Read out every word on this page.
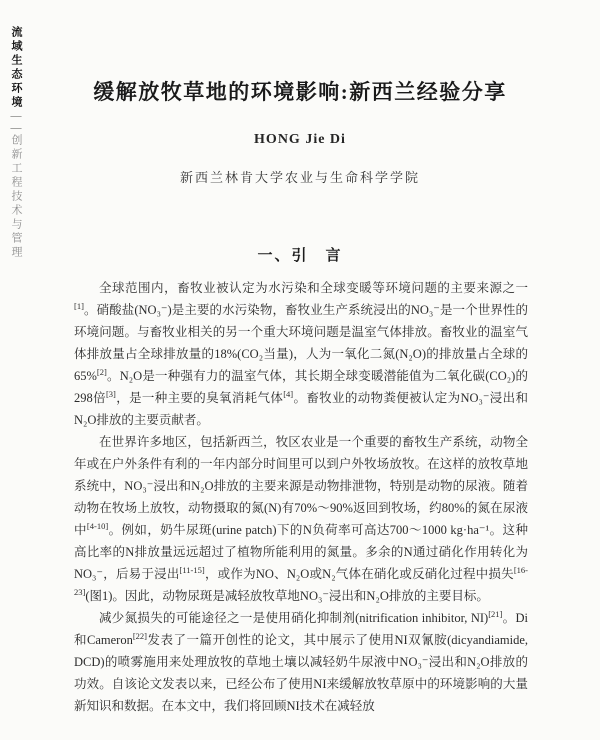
流域生态环境——创新工程技术与管理
缓解放牧草地的环境影响:新西兰经验分享
HONG Jie Di
新西兰林肯大学农业与生命科学学院
一、引　言

全球范围内，畜牧业被认定为水污染和全球变暖等环境问题的主要来源之一[1]。硝酸盐(NO₃⁻)是主要的水污染物，畜牧业生产系统浸出的NO₃⁻是一个世界性的环境问题。与畜牧业相关的另一个重大环境问题是温室气体排放。畜牧业的温室气体排放量占全球排放量的18%(CO₂当量)，人为一氧化二氮(N₂O)的排放量占全球的65%[2]。N₂O是一种强有力的温室气体，其长期全球变暖潜能值为二氧化碳(CO₂)的298倍[3]，是一种主要的臭氧消耗气体[4]。畜牧业的动物粪便被认定为NO₃⁻浸出和N₂O排放的主要贡献者。

在世界许多地区，包括新西兰，牧区农业是一个重要的畜牧生产系统，动物全年或在户外条件有利的一年内部分时间里可以到户外牧场放牧。在这样的放牧草地系统中，NO₃⁻浸出和N₂O排放的主要来源是动物排泄物，特别是动物的尿液。随着动物在牧场上放牧，动物摄取的氮(N)有70%～90%返回到牧场，约80%的氮在尿液中[4-10]。例如，奶牛尿斑(urine patch)下的N负荷率可高达700～1000 kg·ha⁻¹。这种高比率的N排放量远远超过了植物所能利用的氮量。多余的N通过硝化作用转化为NO₃⁻，后易于浸出[11-15]，或作为NO、N₂O或N₂气体在硝化或反硝化过程中损失[16-23](图1)。因此，动物尿斑是减轻放牧草地NO₃⁻浸出和N₂O排放的主要目标。

减少氮损失的可能途径之一是使用硝化抑制剂(nitrification inhibitor, NI)[21]。Di和Cameron[22]发表了一篇开创性的论文，其中展示了使用NI双氰胺(dicyandiamide, DCD)的喷雾施用来处理放牧的草地土壤以减轻奶牛尿液中NO₃⁻浸出和N₂O排放的功效。自该论文发表以来，已经公布了使用NI来缓解放牧草原中的环境影响的大量新知识和数据。在本文中，我们将回顾NI技术在减轻放
